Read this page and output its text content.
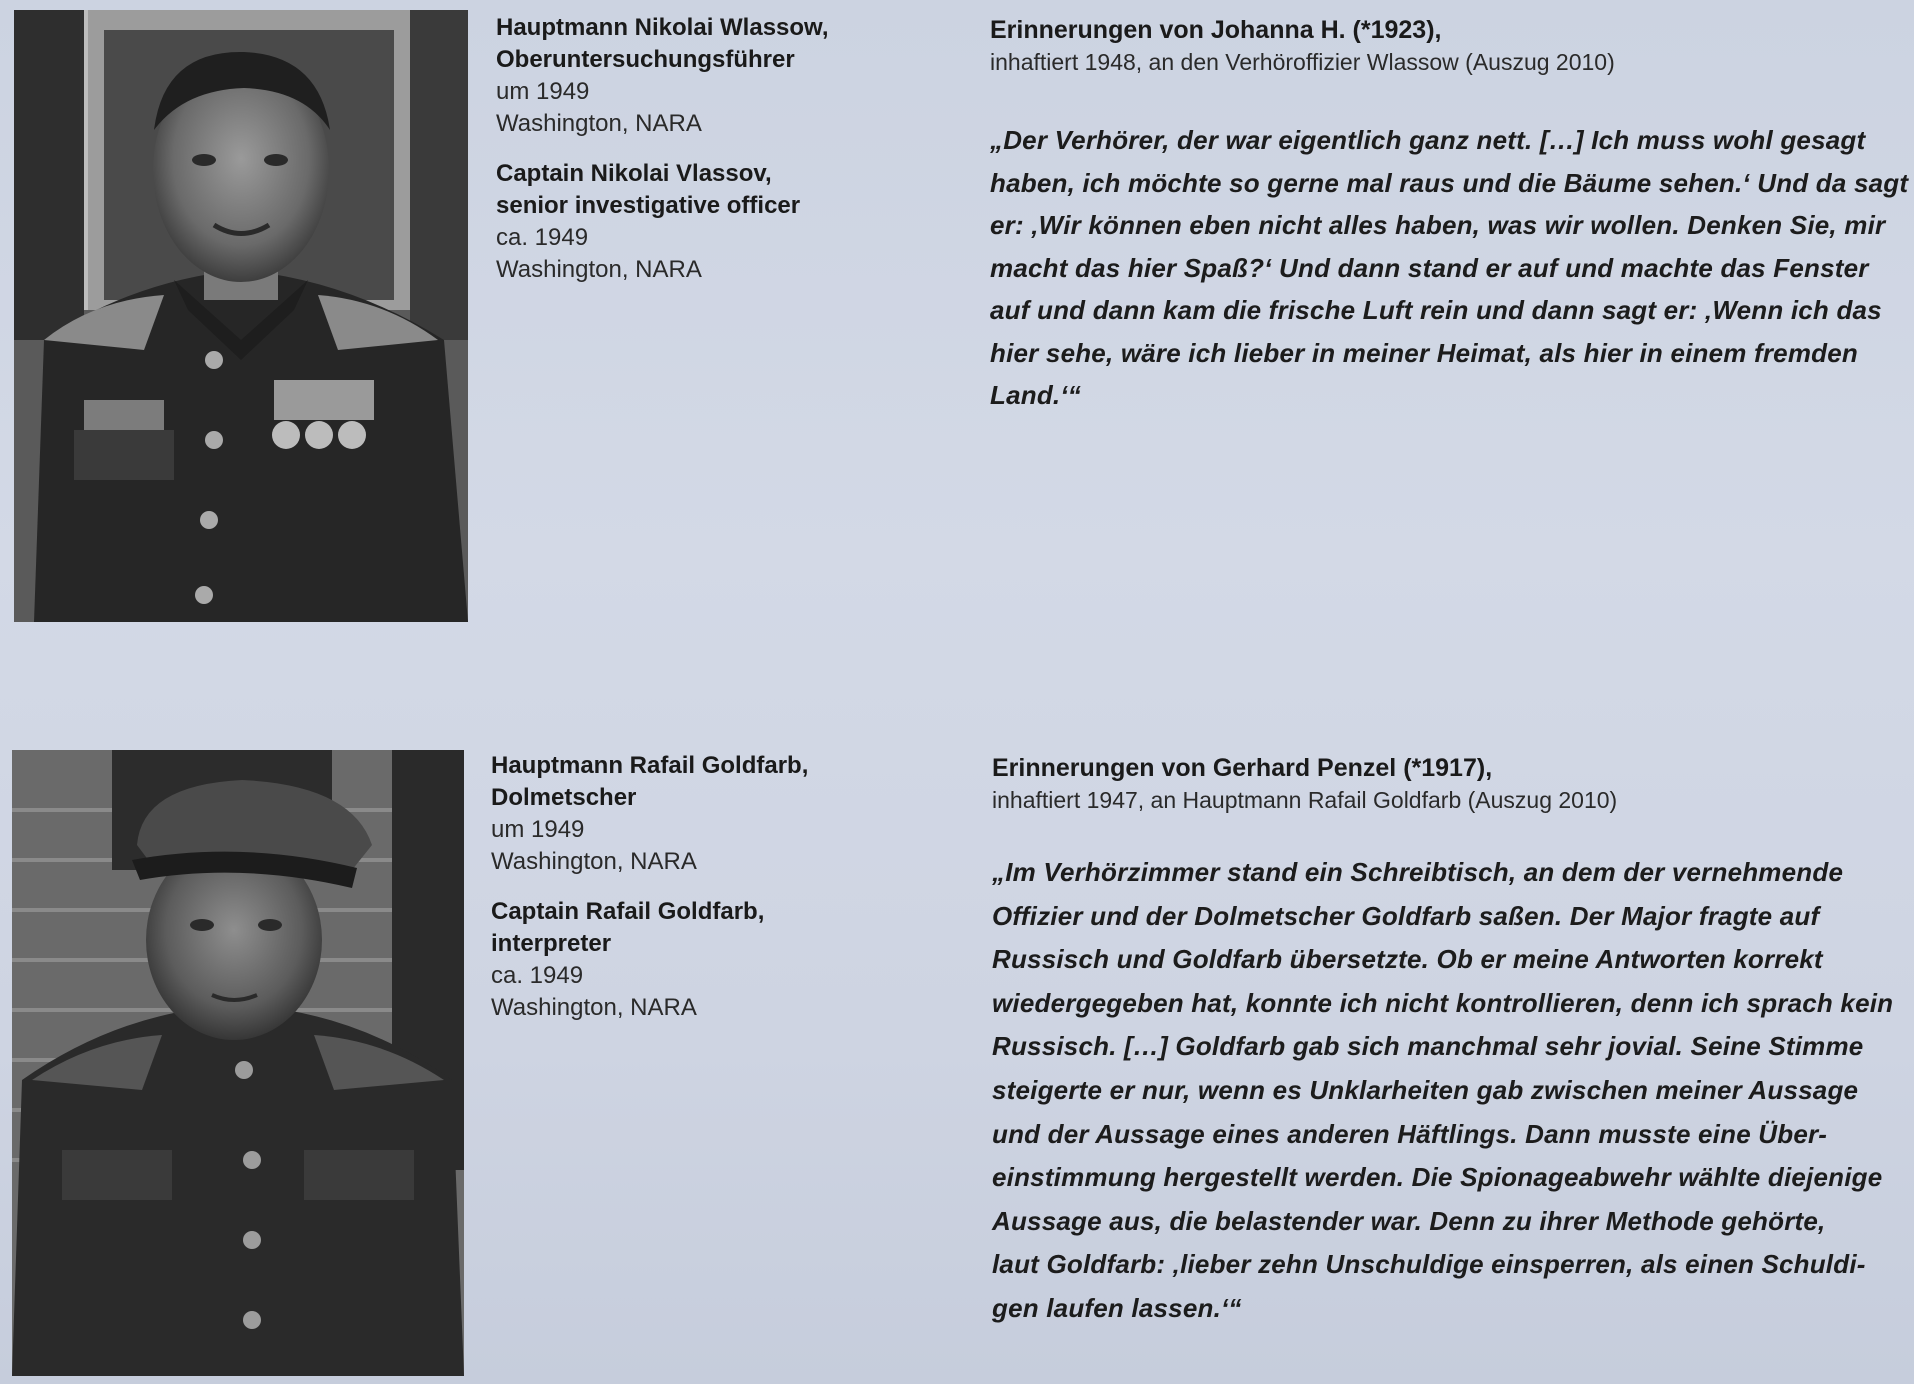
Hauptmann Nikolai Wlassow,
Oberuntersuchungsführer
um 1949
Washington, NARA
Captain Nikolai Vlassov,
senior investigative officer
ca. 1949
Washington, NARA
Erinnerungen von Johanna H. (*1923),
inhaftiert 1948, an den Verhöroffizier Wlassow (Auszug 2010)
„Der Verhörer, der war eigentlich ganz nett. […] Ich muss wohl gesagt
haben, ich möchte so gerne mal raus und die Bäume sehen.‘ Und da sagt
er: ‚Wir können eben nicht alles haben, was wir wollen. Denken Sie, mir
macht das hier Spaß?‘ Und dann stand er auf und machte das Fenster
auf und dann kam die frische Luft rein und dann sagt er: ‚Wenn ich das
hier sehe, wäre ich lieber in meiner Heimat, als hier in einem fremden
Land.‘“
Hauptmann Rafail Goldfarb,
Dolmetscher
um 1949
Washington, NARA
Captain Rafail Goldfarb,
interpreter
ca. 1949
Washington, NARA
Erinnerungen von Gerhard Penzel (*1917),
inhaftiert 1947, an Hauptmann Rafail Goldfarb (Auszug 2010)
„Im Verhörzimmer stand ein Schreibtisch, an dem der vernehmende
Offizier und der Dolmetscher Goldfarb saßen. Der Major fragte auf
Russisch und Goldfarb übersetzte. Ob er meine Antworten korrekt
wiedergegeben hat, konnte ich nicht kontrollieren, denn ich sprach kein
Russisch. […] Goldfarb gab sich manchmal sehr jovial. Seine Stimme
steigerte er nur, wenn es Unklarheiten gab zwischen meiner Aussage
und der Aussage eines anderen Häftlings. Dann musste eine Über-
einstimmung hergestellt werden. Die Spionageabwehr wählte diejenige
Aussage aus, die belastender war. Denn zu ihrer Methode gehörte,
laut Goldfarb: ‚lieber zehn Unschuldige einsperren, als einen Schuldi-
gen laufen lassen.‘“
